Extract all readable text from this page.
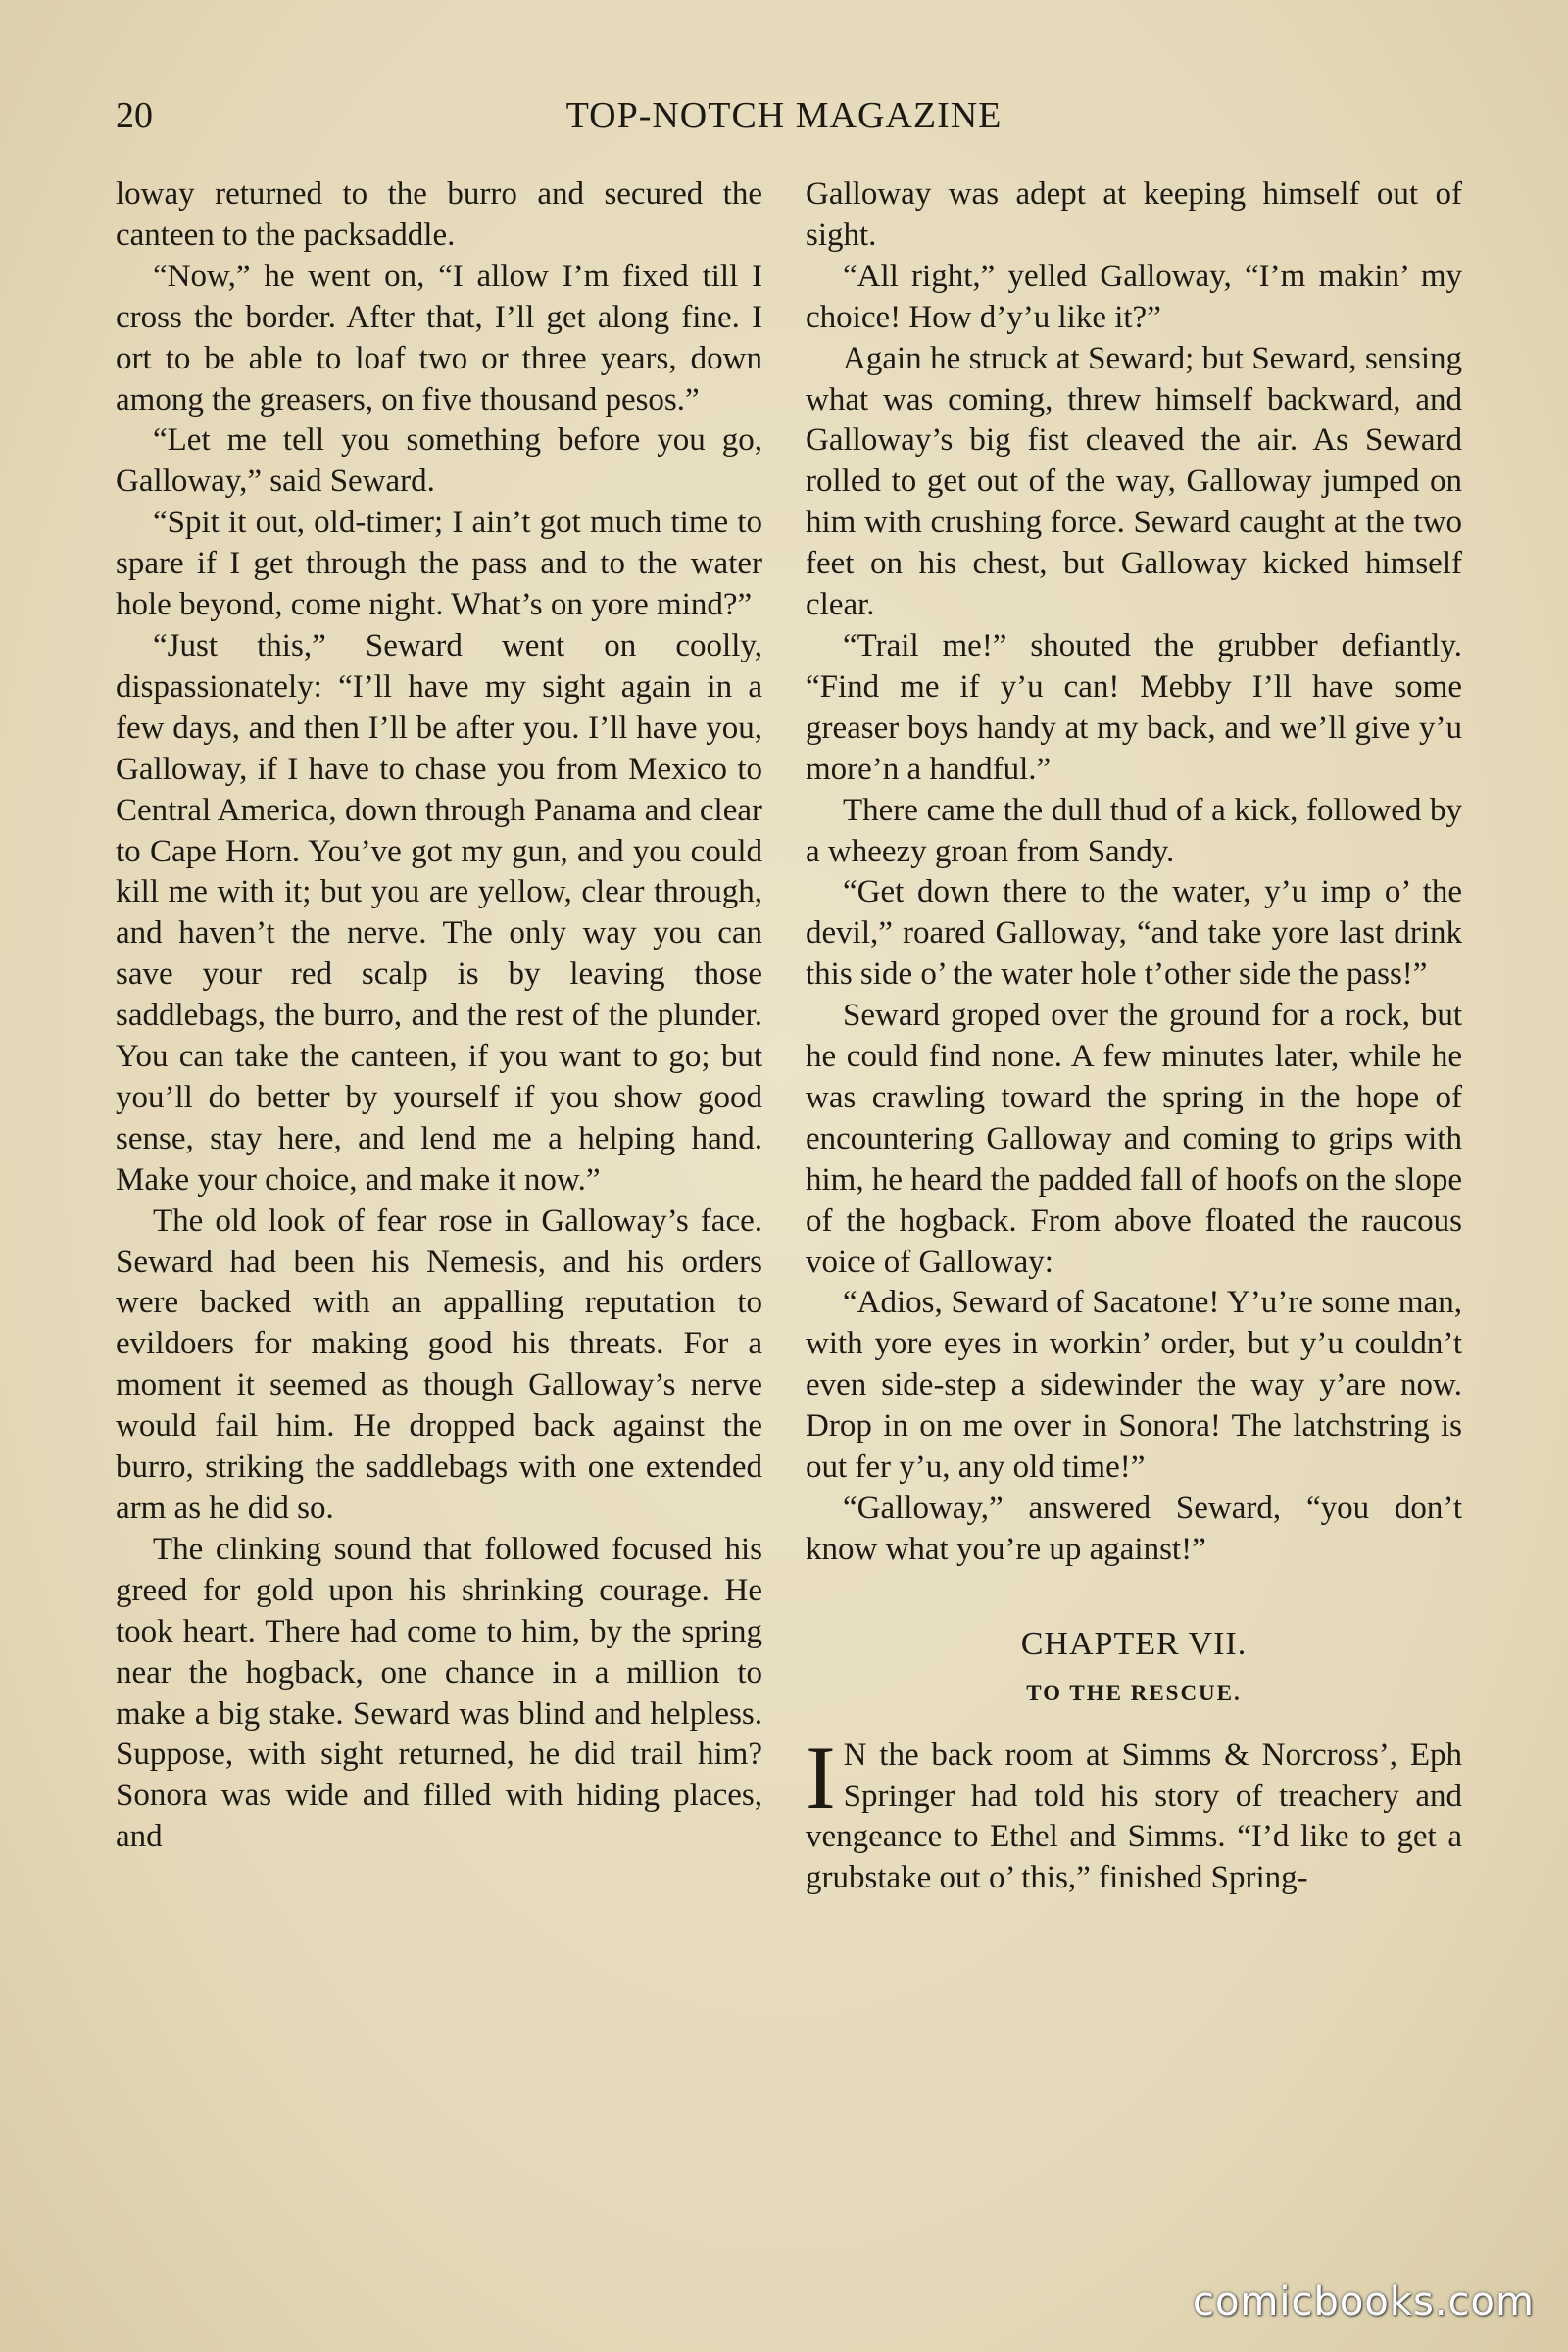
20	TOP-NOTCH MAGAZINE

loway returned to the burro and secured the canteen to the packsaddle.

“Now,” he went on, “I allow I’m fixed till I cross the border. After that, I’ll get along fine. I ort to be able to loaf two or three years, down among the greasers, on five thousand pesos.”

“Let me tell you something before you go, Galloway,” said Seward.

“Spit it out, old-timer; I ain’t got much time to spare if I get through the pass and to the water hole beyond, come night. What’s on yore mind?”

“Just this,” Seward went on coolly, dispassionately: “I’ll have my sight again in a few days, and then I’ll be after you. I’ll have you, Galloway, if I have to chase you from Mexico to Central America, down through Panama and clear to Cape Horn. You’ve got my gun, and you could kill me with it; but you are yellow, clear through, and haven’t the nerve. The only way you can save your red scalp is by leaving those saddlebags, the burro, and the rest of the plunder. You can take the canteen, if you want to go; but you’ll do better by yourself if you show good sense, stay here, and lend me a helping hand. Make your choice, and make it now.”

The old look of fear rose in Galloway’s face. Seward had been his Nemesis, and his orders were backed with an appalling reputation to evildoers for making good his threats. For a moment it seemed as though Galloway’s nerve would fail him. He dropped back against the burro, striking the saddlebags with one extended arm as he did so.

The clinking sound that followed focused his greed for gold upon his shrinking courage. He took heart. There had come to him, by the spring near the hogback, one chance in a million to make a big stake. Seward was blind and helpless. Suppose, with sight returned, he did trail him? Sonora was wide and filled with hiding places, and

Galloway was adept at keeping himself out of sight.

“All right,” yelled Galloway, “I’m makin’ my choice! How d’y’u like it?”

Again he struck at Seward; but Seward, sensing what was coming, threw himself backward, and Galloway’s big fist cleaved the air. As Seward rolled to get out of the way, Galloway jumped on him with crushing force. Seward caught at the two feet on his chest, but Galloway kicked himself clear.

“Trail me!” shouted the grubber defiantly. “Find me if y’u can! Mebby I’ll have some greaser boys handy at my back, and we’ll give y’u more’n a handful.”

There came the dull thud of a kick, followed by a wheezy groan from Sandy.

“Get down there to the water, y’u imp o’ the devil,” roared Galloway, “and take yore last drink this side o’ the water hole t’other side the pass!”

Seward groped over the ground for a rock, but he could find none. A few minutes later, while he was crawling toward the spring in the hope of encountering Galloway and coming to grips with him, he heard the padded fall of hoofs on the slope of the hogback. From above floated the raucous voice of Galloway:

“Adios, Seward of Sacatone! Y’u’re some man, with yore eyes in workin’ order, but y’u couldn’t even side-step a sidewinder the way y’are now. Drop in on me over in Sonora! The latchstring is out fer y’u, any old time!”

“Galloway,” answered Seward, “you don’t know what you’re up against!”

CHAPTER VII.
TO THE RESCUE.

I N the back room at Simms & Norcross’, Eph Springer had told his story of treachery and vengeance to Ethel and Simms. “I’d like to get a grubstake out o’ this,” finished Spring-

comicbooks.com
